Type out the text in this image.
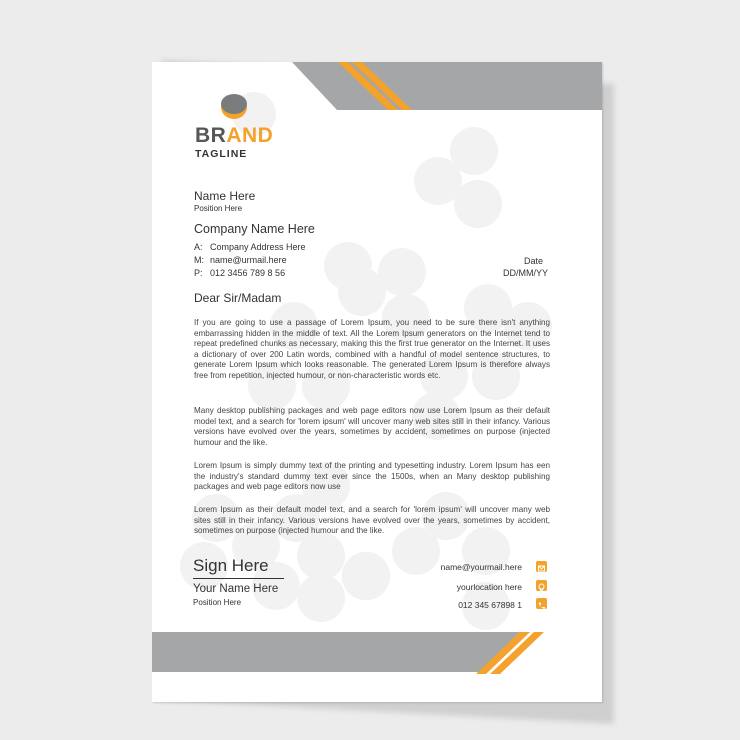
BRAND
TAGLINE
Name Here
Position Here
Company Name Here
A: Company Address Here
M: name@urmail.here
P: 012 3456 789 8 56
Date
DD/MM/YY
Dear Sir/Madam

If you are going to use a passage of Lorem Ipsum, you need to be sure there isn't anything embarrassing hidden in the middle of text. All the Lorem Ipsum generators on the Internet tend to repeat predefined chunks as necessary, making this the first true generator on the Internet. It uses a dictionary of over 200 Latin words, combined with a handful of model sentence structures, to generate Lorem Ipsum which looks reasonable. The generated Lorem Ipsum is therefore always free from repetition, injected humour, or non-characteristic words etc.

Many desktop publishing packages and web page editors now use Lorem Ipsum as their default model text, and a search for 'lorem ipsum' will uncover many web sites still in their infancy. Various versions have evolved over the years, sometimes by accident, sometimes on purpose (injected humour and the like.

Lorem Ipsum is simply dummy text of the printing and typesetting industry. Lorem Ipsum has een the industry's standard dummy text ever since the 1500s, when an Many desktop publishing packages and web page editors now use

Lorem Ipsum as their default model text, and a search for 'lorem ipsum' will uncover many web sites still in their infancy. Various versions have evolved over the years, sometimes by accident, sometimes on purpose (injected humour and the like.

Sign Here
Your Name Here
Position Here
name@yourmail.here
yourlocation here
012 345 67898 1
